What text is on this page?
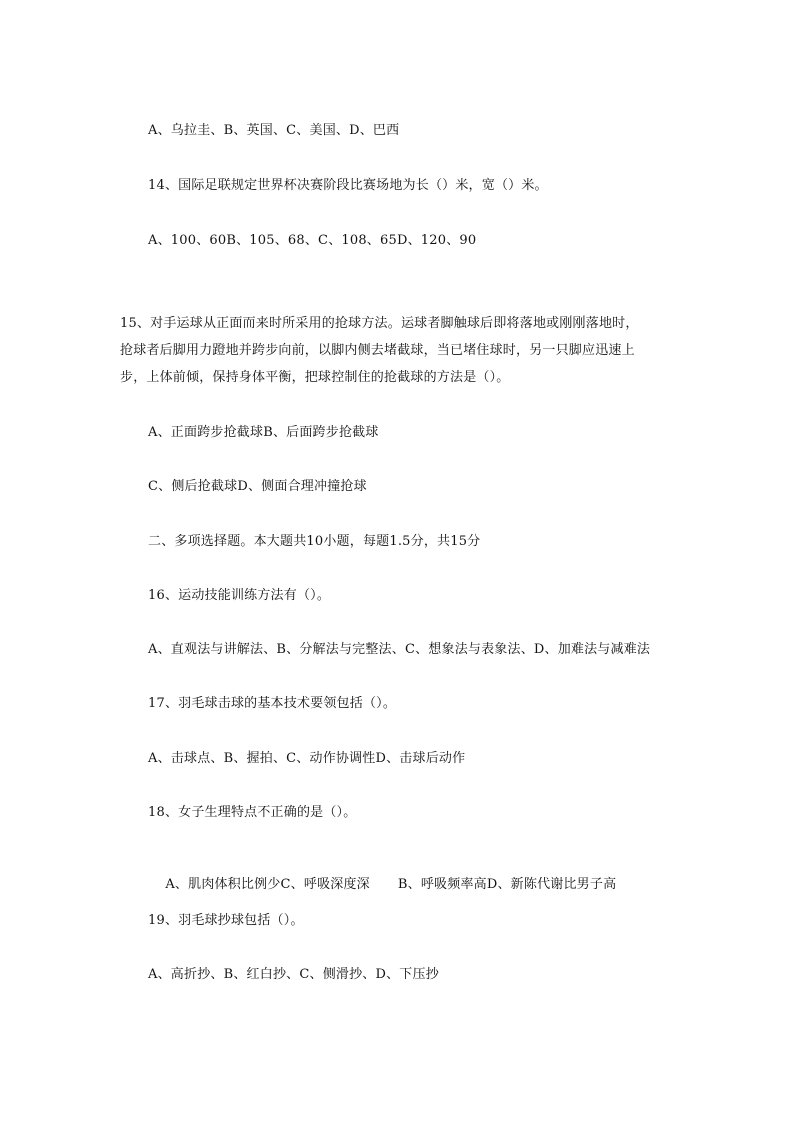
A、乌拉圭、B、英国、C、美国、D、巴西
14、国际足联规定世界杯决赛阶段比赛场地为长（）米，宽（）米。
A、100、60B、105、68、C、108、65D、120、90
15、对手运球从正面而来时所采用的抢球方法。运球者脚触球后即将落地或刚刚落地时，
抢球者后脚用力蹬地并跨步向前，以脚内侧去堵截球，当已堵住球时，另一只脚应迅速上
步，上体前倾，保持身体平衡，把球控制住的抢截球的方法是（）。
A、正面跨步抢截球B、后面跨步抢截球
C、侧后抢截球D、侧面合理冲撞抢球
二、多项选择题。本大题共10小题，每题1.5分，共15分
16、运动技能训练方法有（）。
A、直观法与讲解法、B、分解法与完整法、C、想象法与表象法、D、加难法与减难法
17、羽毛球击球的基本技术要领包括（）。
A、击球点、B、握拍、C、动作协调性D、击球后动作
18、女子生理特点不正确的是（）。

A、肌肉体积比例少C、呼吸深度深 B、呼吸频率高D、新陈代谢比男子高

19、羽毛球抄球包括（）。
A、高折抄、B、红白抄、C、侧滑抄、D、下压抄
